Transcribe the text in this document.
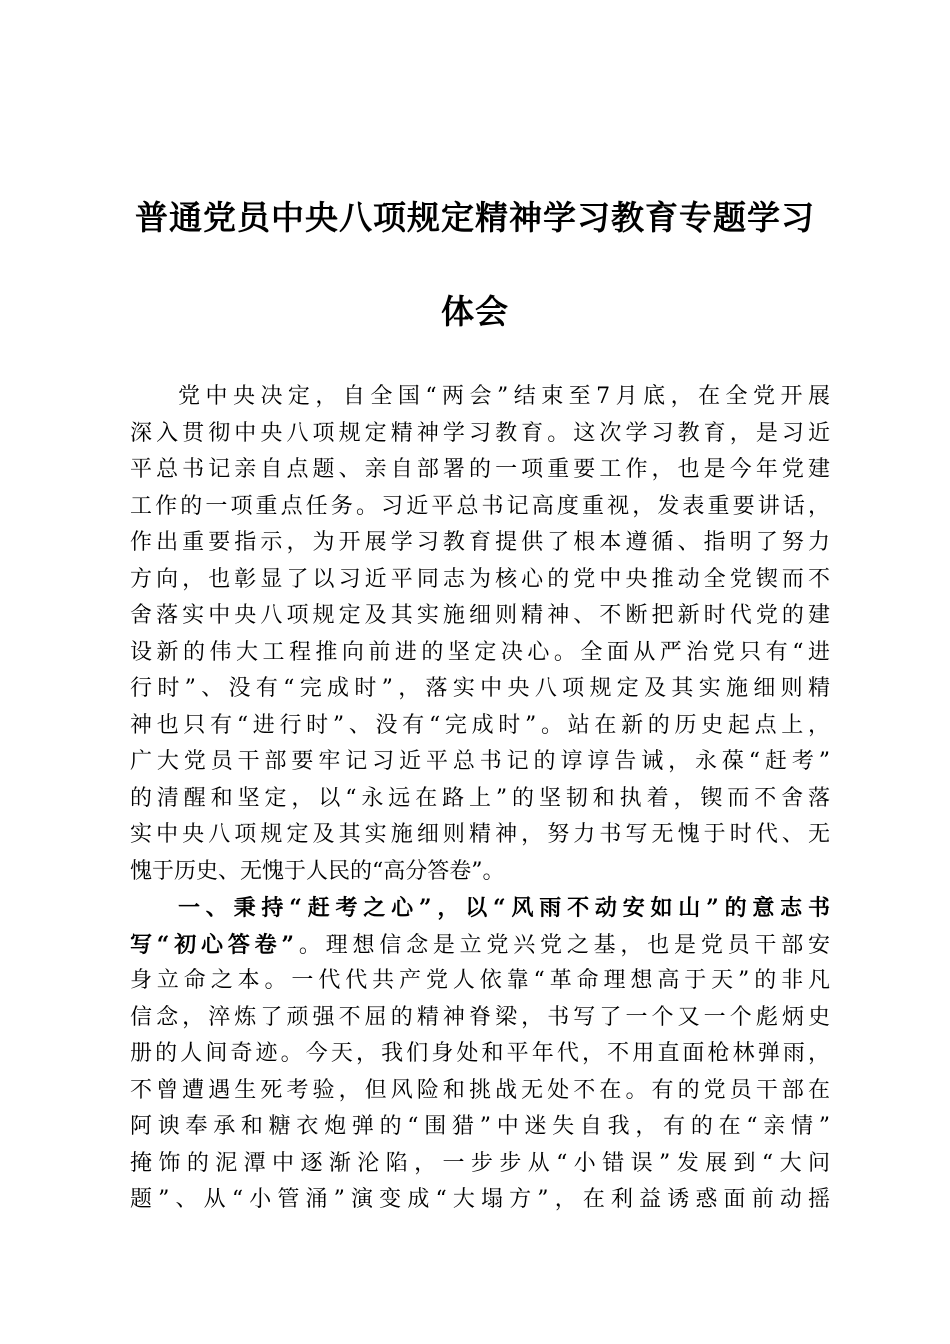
普通党员中央八项规定精神学习教育专题学习
体会
党中央决定，自全国“两会”结束至7月底，在全党开展
深入贯彻中央八项规定精神学习教育。这次学习教育，是习近
平总书记亲自点题、亲自部署的一项重要工作，也是今年党建
工作的一项重点任务。习近平总书记高度重视，发表重要讲话，
作出重要指示，为开展学习教育提供了根本遵循、指明了努力
方向，也彰显了以习近平同志为核心的党中央推动全党锲而不
舍落实中央八项规定及其实施细则精神、不断把新时代党的建
设新的伟大工程推向前进的坚定决心。全面从严治党只有“进
行时”、没有“完成时”，落实中央八项规定及其实施细则精
神也只有“进行时”、没有“完成时”。站在新的历史起点上，
广大党员干部要牢记习近平总书记的谆谆告诫，永葆“赶考”
的清醒和坚定，以“永远在路上”的坚韧和执着，锲而不舍落
实中央八项规定及其实施细则精神，努力书写无愧于时代、无
愧于历史、无愧于人民的“高分答卷”。
一、秉持“赶考之心”，以“风雨不动安如山”的意志书
写“初心答卷”。理想信念是立党兴党之基，也是党员干部安
身立命之本。一代代共产党人依靠“革命理想高于天”的非凡
信念，淬炼了顽强不屈的精神脊梁，书写了一个又一个彪炳史
册的人间奇迹。今天，我们身处和平年代，不用直面枪林弹雨，
不曾遭遇生死考验，但风险和挑战无处不在。有的党员干部在
阿谀奉承和糖衣炮弹的“围猎”中迷失自我，有的在“亲情”
掩饰的泥潭中逐渐沦陷，一步步从“小错误”发展到“大问
题”、从“小管涌”演变成“大塌方”，在利益诱惑面前动摇
